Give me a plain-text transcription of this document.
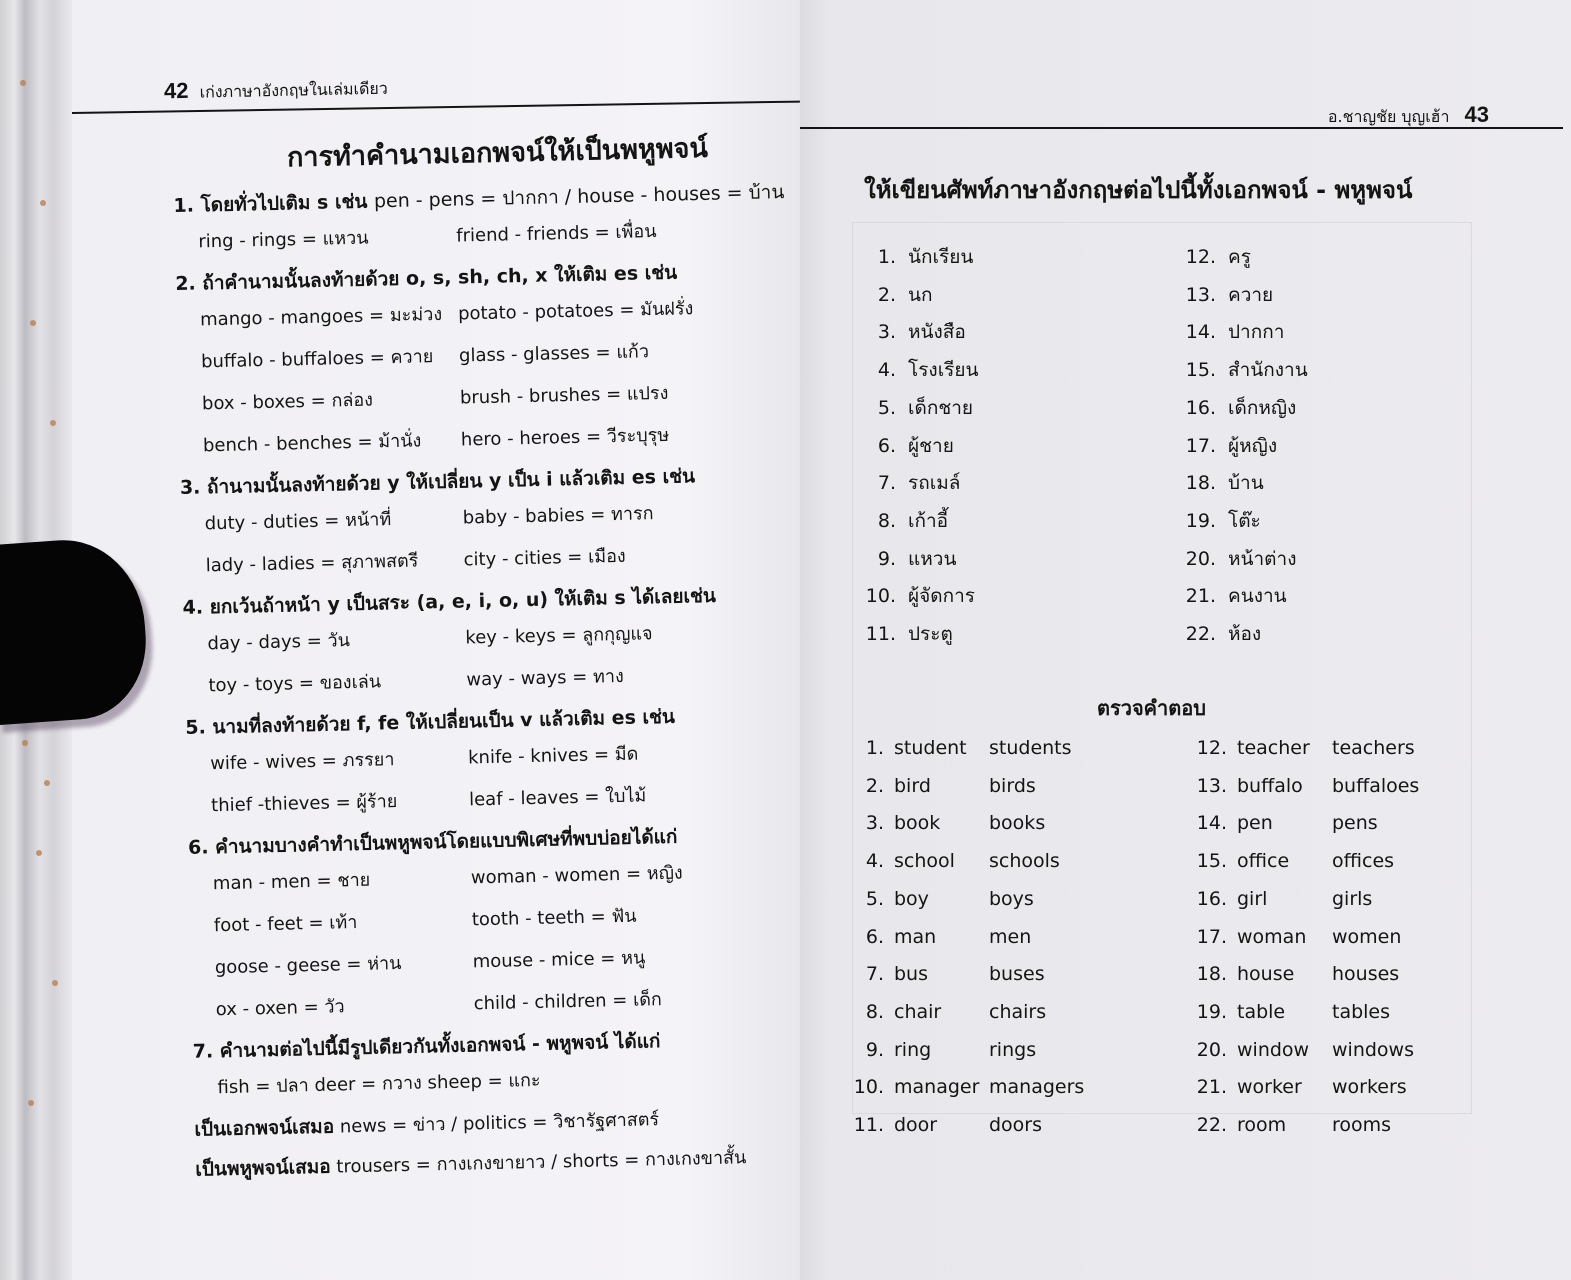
42 เก่งภาษาอังกฤษในเล่มเดียว
การทำคำนามเอกพจน์ให้เป็นพหูพจน์
1. โดยทั่วไปเติม s เช่น pen - pens = ปากกา / house - houses = บ้าน
ring - rings = แหวน	friend - friends = เพื่อน
2. ถ้าคำนามนั้นลงท้ายด้วย o, s, sh, ch, x ให้เติม es เช่น
mango - mangoes = มะม่วง potato - potatoes = มันฝรั่ง
buffalo - buffaloes = ควาย	glass - glasses = แก้ว
box - boxes = กล่อง	brush - brushes = แปรง
bench - benches = ม้านั่ง	hero - heroes = วีระบุรุษ
3. ถ้านามนั้นลงท้ายด้วย y ให้เปลี่ยน y เป็น i แล้วเติม es เช่น
duty - duties = หน้าที่	baby - babies = ทารก
lady - ladies = สุภาพสตรี	city - cities = เมือง
4. ยกเว้นถ้าหน้า y เป็นสระ (a, e, i, o, u) ให้เติม s ได้เลยเช่น
day - days = วัน	key - keys = ลูกกุญแจ
toy - toys = ของเล่น	way - ways = ทาง
5. นามที่ลงท้ายด้วย f, fe ให้เปลี่ยนเป็น v แล้วเติม es เช่น
wife - wives = ภรรยา	knife - knives = มีด
thief -thieves = ผู้ร้าย	leaf - leaves = ใบไม้
6. คำนามบางคำทำเป็นพหูพจน์โดยแบบพิเศษที่พบบ่อยได้แก่
man - men = ชาย	woman - women = หญิง
foot - feet = เท้า	tooth - teeth = ฟัน
goose - geese = ห่าน	mouse - mice = หนู
ox - oxen = วัว	child - children = เด็ก
7. คำนามต่อไปนี้มีรูปเดียวกันทั้งเอกพจน์ - พหูพจน์ ได้แก่
fish = ปลา deer = กวาง sheep = แกะ
เป็นเอกพจน์เสมอ news = ข่าว / politics = วิชารัฐศาสตร์
เป็นพหูพจน์เสมอ trousers = กางเกงขายาว / shorts = กางเกงขาสั้น
อ.ชาญชัย บุญเฮ้า 43
ให้เขียนศัพท์ภาษาอังกฤษต่อไปนี้ทั้งเอกพจน์ - พหูพจน์
1. นักเรียน
2. นก
3. หนังสือ
4. โรงเรียน
5. เด็กชาย
6. ผู้ชาย
7. รถเมล์
8. เก้าอี้
9. แหวน
10. ผู้จัดการ
11. ประตู
12. ครู
13. ควาย
14. ปากกา
15. สำนักงาน
16. เด็กหญิง
17. ผู้หญิง
18. บ้าน
19. โต๊ะ
20. หน้าต่าง
21. คนงาน
22. ห้อง
ตรวจคำตอบ
1. student students
2. bird	birds
3. book	books
4. school schools
5. boy	boys
6. man	men
7. bus	buses
8. chair	chairs
9. ring	rings
10. manager managers
11. door	doors
12. teacher teachers
13. buffalo buffaloes
14. pen	pens
15. office offices
16. girl	girls
17. woman women
18. house houses
19. table tables
20. window windows
21. worker workers
22. room rooms
